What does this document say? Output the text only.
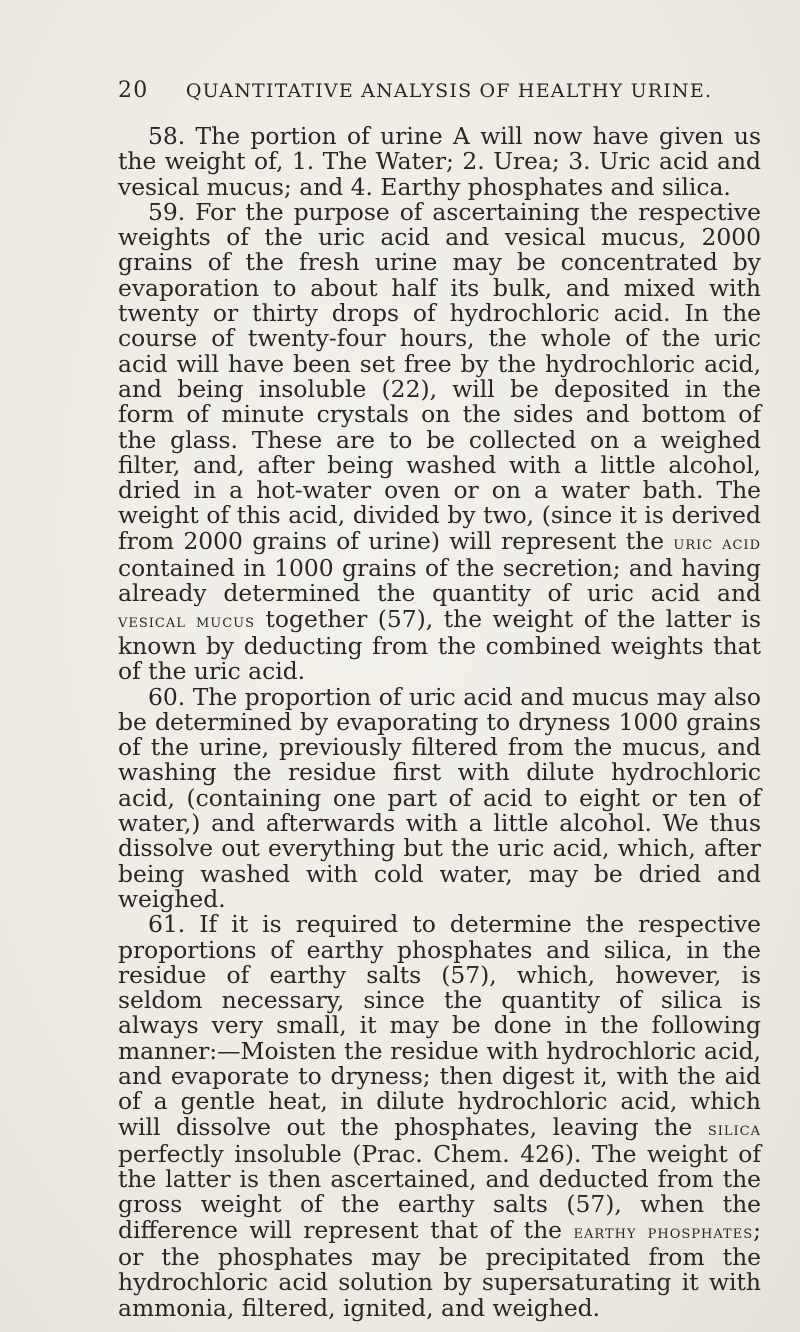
20 QUANTITATIVE ANALYSIS OF HEALTHY URINE.

58. The portion of urine A will now have given us the weight of, 1. The Water; 2. Urea; 3. Uric acid and vesical mucus; and 4. Earthy phosphates and silica.

59. For the purpose of ascertaining the respective weights of the uric acid and vesical mucus, 2000 grains of the fresh urine may be concentrated by evaporation to about half its bulk, and mixed with twenty or thirty drops of hydrochloric acid. In the course of twenty-four hours, the whole of the uric acid will have been set free by the hydrochloric acid, and being insoluble (22), will be deposited in the form of minute crystals on the sides and bottom of the glass. These are to be collected on a weighed filter, and, after being washed with a little alcohol, dried in a hot-water oven or on a water bath. The weight of this acid, divided by two, (since it is derived from 2000 grains of urine) will represent the uric acid contained in 1000 grains of the secretion; and having already determined the quantity of uric acid and vesical mucus together (57), the weight of the latter is known by deducting from the combined weights that of the uric acid.

60. The proportion of uric acid and mucus may also be determined by evaporating to dryness 1000 grains of the urine, previously filtered from the mucus, and washing the residue first with dilute hydrochloric acid, (containing one part of acid to eight or ten of water,) and afterwards with a little alcohol. We thus dissolve out everything but the uric acid, which, after being washed with cold water, may be dried and weighed.

61. If it is required to determine the respective proportions of earthy phosphates and silica, in the residue of earthy salts (57), which, however, is seldom necessary, since the quantity of silica is always very small, it may be done in the following manner:—Moisten the residue with hydrochloric acid, and evaporate to dryness; then digest it, with the aid of a gentle heat, in dilute hydrochloric acid, which will dissolve out the phosphates, leaving the silica perfectly insoluble (Prac. Chem. 426). The weight of the latter is then ascertained, and deducted from the gross weight of the earthy salts (57), when the difference will represent that of the earthy phosphates; or the phosphates may be precipitated from the hydrochloric acid solution by supersaturating it with ammonia, filtered, ignited, and weighed.
